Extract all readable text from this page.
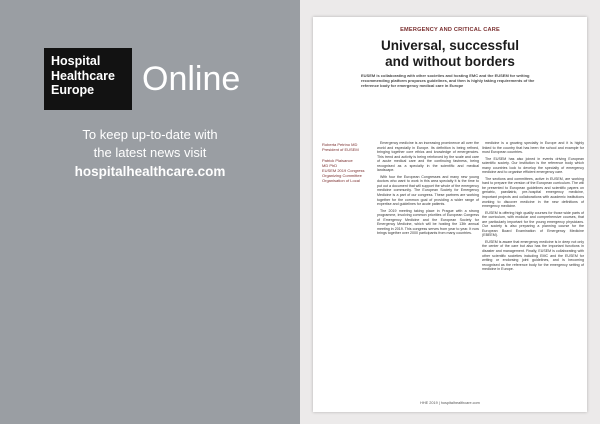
Hospital
Healthcare
Europe	Online
To keep up-to-date with
the latest news visit
hospitalhealthcare.com
EMERGENCY AND CRITICAL CARE
Universal, successful
and without borders
EUSEM is collaborating with other societies and hosting EMC and the EUSEM for writing recommending platform proposes guidelines, and then is highly taking requirements of the reference body for emergency medical care in Europe

Roberta Petrino MD
President of EUSEM

Patrick Plaisance
MD PhD
EUSEM 2019 Congress
Organizing Committee
Organisation of Local

Emergency medicine is an increasing prominence all over the world and especially in Europe. Its definition is being refined, bringing together core ethics and knowledge of emergencies. This trend and activity is being reinforced by the scale and care of acute medical care and the continuing fastness, being recognised as a specialty in the scientific and medical landscape.

With four the European Congresses and many new young doctors who want to work in this area specialty it is the time to put out a document that will support the whole of the emergency medicine community. The European Society for Emergency Medicine is a part of our congress. These partners are working together for the common goal of providing a wider range of expertise and guidelines for acute patients.

The 2019 meeting taking place in Prague with a strong programme, involving common priorities of European Congress of Emergency Medicine and the European Society for Emergency Medicine, which will be hosting the 13th annual meeting in 2019. This congress serves from year to year. It now brings together over 2000 participants from many countries.

medicine is a growing specialty in Europe and it is highly linked to the country that has been the school and example for most European countries.

The EUSEM has also joined in events driving European scientific society. Our institution is the reference body which many countries look to develop the specialty of emergency medicine and to organise efficient emergency care.

The sections and committees, active in EUSEM, are working hard to prepare the version of the European curriculum. The will be presented to European guidelines and scientific papers on geriatric, paediatric, pre-hospital emergency medicine, important projects and collaborations with academic institutions working to discover medicine in the new definitions of emergency medicine.

EUSEM is offering high quality courses for those wide parts of the curriculum, with modular and comprehensive courses, that are particularly important for the young emergency physicians. Our society is also preparing a planning course for the European Board Examination of Emergency Medicine (EBEEM).

EUSEM is aware that emergency medicine is in deep not only the center of the care but also has the important functions in disaster and management. Finally, EUSEM is collaborating with other scientific societies including EMC and the EUSEM for writing or endorsing joint guidelines, and is becoming recognised as the reference body for the emergency setting of medicine in Europe.

HHE 2019 | hospitalhealthcare.com
